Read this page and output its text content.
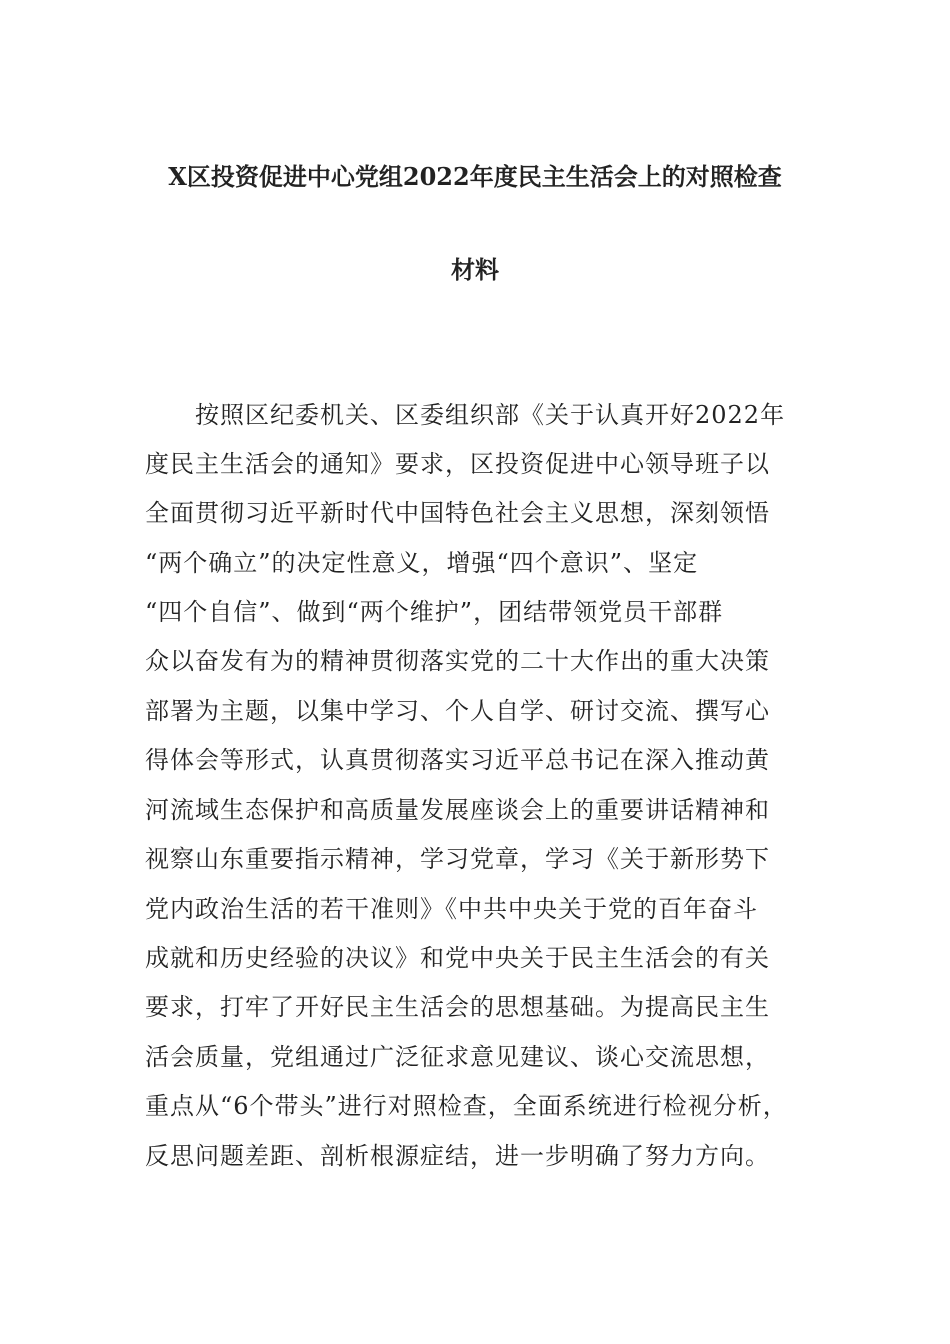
X区投资促进中心党组2022年度民主生活会上的对照检查
材料
　　按照区纪委机关、区委组织部《关于认真开好2022年
度民主生活会的通知》要求，区投资促进中心领导班子以
全面贯彻习近平新时代中国特色社会主义思想，深刻领悟
“两个确立”的决定性意义，增强“四个意识”、坚定
“四个自信”、做到“两个维护”，团结带领党员干部群
众以奋发有为的精神贯彻落实党的二十大作出的重大决策
部署为主题，以集中学习、个人自学、研讨交流、撰写心
得体会等形式，认真贯彻落实习近平总书记在深入推动黄
河流域生态保护和高质量发展座谈会上的重要讲话精神和
视察山东重要指示精神，学习党章，学习《关于新形势下
党内政治生活的若干准则》《中共中央关于党的百年奋斗
成就和历史经验的决议》和党中央关于民主生活会的有关
要求，打牢了开好民主生活会的思想基础。为提高民主生
活会质量，党组通过广泛征求意见建议、谈心交流思想，
重点从“6个带头”进行对照检查，全面系统进行检视分析，
反思问题差距、剖析根源症结，进一步明确了努力方向。
